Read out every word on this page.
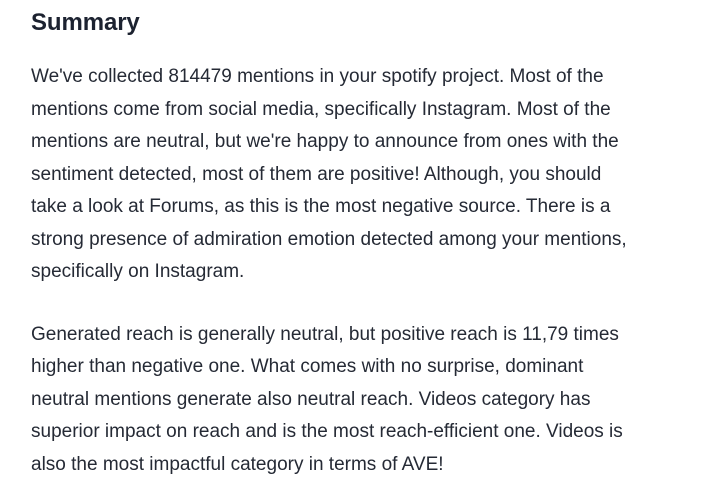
Summary

We've collected 814479 mentions in your spotify project. Most of the
mentions come from social media, specifically Instagram. Most of the
mentions are neutral, but we're happy to announce from ones with the
sentiment detected, most of them are positive! Although, you should
take a look at Forums, as this is the most negative source. There is a
strong presence of admiration emotion detected among your mentions,
specifically on Instagram.

Generated reach is generally neutral, but positive reach is 11,79 times
higher than negative one. What comes with no surprise, dominant
neutral mentions generate also neutral reach. Videos category has
superior impact on reach and is the most reach-efficient one. Videos is
also the most impactful category in terms of AVE!
